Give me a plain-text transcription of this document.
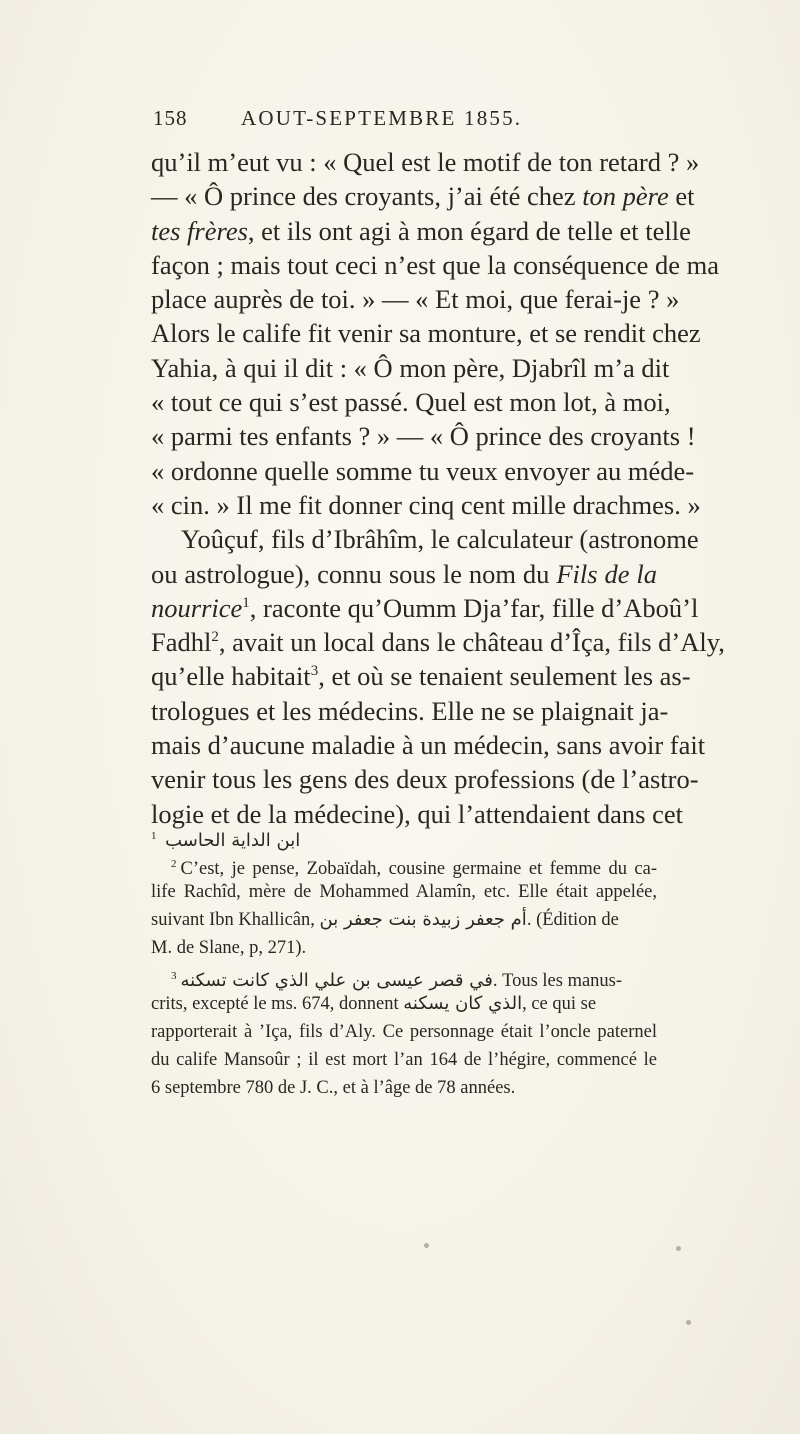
158	AOUT-SEPTEMBRE 1855.
qu’il m’eut vu : « Quel est le motif de ton retard ? »
— « Ô prince des croyants, j’ai été chez ton père et
tes frères, et ils ont agi à mon égard de telle et telle
façon ; mais tout ceci n’est que la conséquence de ma
place auprès de toi. » — « Et moi, que ferai-je ? »
Alors le calife fit venir sa monture, et se rendit chez
Yahia, à qui il dit : « Ô mon père, Djabrîl m’a dit
« tout ce qui s’est passé. Quel est mon lot, à moi,
« parmi tes enfants ? » — « Ô prince des croyants !
« ordonne quelle somme tu veux envoyer au méde-
« cin. » Il me fit donner cinq cent mille drachmes. »
Yoûçuf, fils d’Ibrâhîm, le calculateur (astronome
ou astrologue), connu sous le nom du Fils de la
nourrice$^1$, raconte qu’Oumm Dja’far, fille d’Aboû’l
Fadhl$^2$, avait un local dans le château d’Îça, fils d’Aly,
qu’elle habitait$^3$, et où se tenaient seulement les as-
trologues et les médecins. Elle ne se plaignait ja-
mais d’aucune maladie à un médecin, sans avoir fait
venir tous les gens des deux professions (de l’astro-
logie et de la médecine), qui l’attendaient dans cet
$^1$ ابن الداية الحاسب
$^2$ C’est, je pense, Zobaïdah, cousine germaine et femme du ca-
life Rachîd, mère de Mohammed Alamîn, etc. Elle était appelée,
suivant Ibn Khallicân, أم جعفر زبيدة بنت جعفر بن. (Édition de
M. de Slane, p, 271).
$^3$ في قصر عيسى بن علي الذي كانت تسكنه. Tous les manus-
crits, excepté le ms. 674, donnent الذي كان يسكنه, ce qui se
rapporterait à ’Iça, fils d’Aly. Ce personnage était l’oncle paternel
du calife Mansoûr ; il est mort l’an 164 de l’hégire, commencé le
6 septembre 780 de J. C., et à l’âge de 78 années.
